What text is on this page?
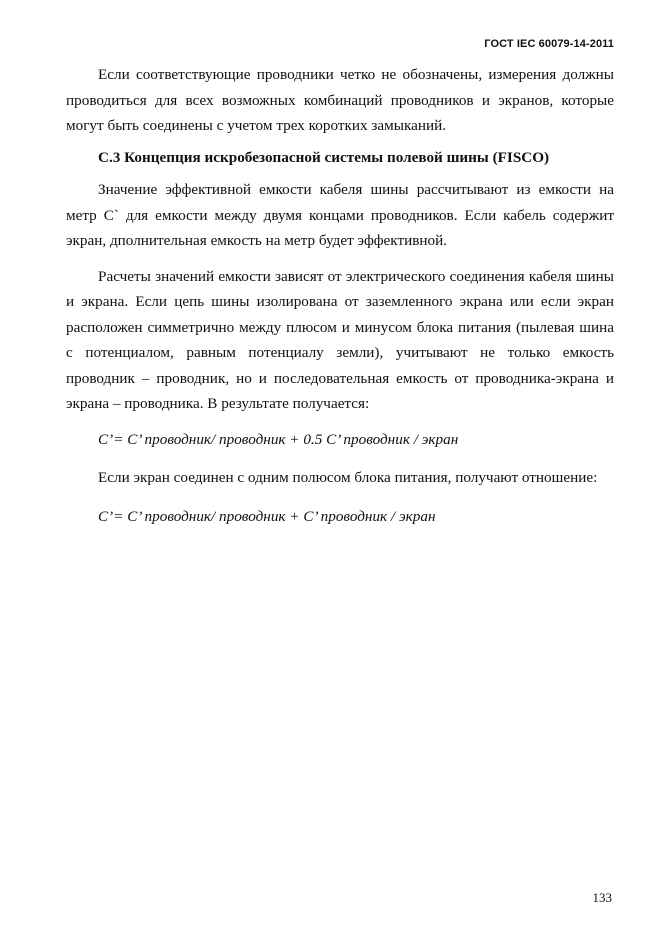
ГОСТ IEC 60079-14-2011

Если соответствующие проводники четко не обозначены, измерения должны проводиться для всех возможных комбинаций проводников и экранов, которые могут быть соединены с учетом трех коротких замыканий.

С.3 Концепция искробезопасной системы полевой шины (FISCO)

Значение эффективной емкости кабеля шины рассчитывают из емкости на метр С` для емкости между двумя концами проводников. Если кабель содержит экран, дполнительная емкость на метр будет эффективной.

Расчеты значений емкости зависят от электрического соединения кабеля шины и экрана. Если цепь шины изолирована от заземленного экрана или если экран расположен симметрично между плюсом и минусом блока питания (пылевая шина с потенциалом, равным потенциалу земли), учитывают не только емкость проводник – проводник, но и последовательная емкость от проводника-экрана и экрана – проводника. В результате получается:

C’= C’ проводник/ проводник + 0.5 C’ проводник / экран

Если экран соединен с одним полюсом блока питания, получают отношение:

C’= C’ проводник/ проводник + C’ проводник / экран

133
